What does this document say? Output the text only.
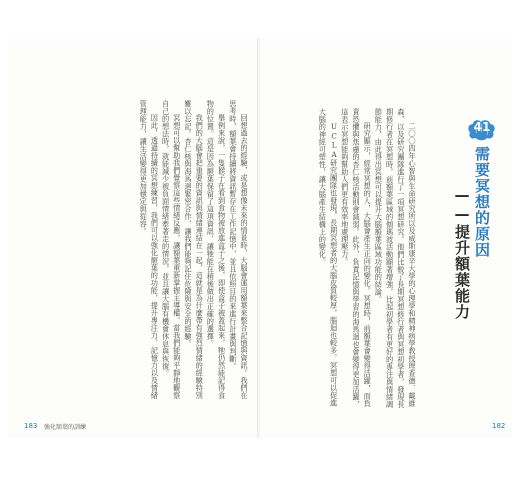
回想過去的經驗，或是想像未來的情景時，大腦會運用額葉來整合記憶與資訊。我們在思考時，額葉會持續將資訊暫存在工作記憶中，並且依照目的來進行計畫與判斷。

舉例來說，一隻猴子在看到食物被放進盒子之後，即使盒子被蓋起來，牠仍然能記得食物的位置。這是因為額葉保留了這項資訊，讓牠能在稍後做出正確的選擇。

我們的大腦會把重要的資訊與情緒連結在一起，這就是為什麼帶有強烈情緒的經驗特別難以忘記。杏仁核與海馬迴緊密合作，讓我們能夠記住危險與安全的經驗。

冥想可以幫助我們覺察這些情緒反應，讓額葉重新掌握主導權。當我們能夠平靜地觀察自己的想法時，就能減少被負面情緒牽著走的情況，並且讓大腦有機會休息與恢復。

因此，透過持續的冥想練習，我們可以強化額葉的功能，提升專注力、記憶力以及情緒管理能力，讓生活變得更加穩定與從容。

183 強化額葉的訓練

二〇〇四年心智與生命研究所以及威斯康辛大學的心理學和精神病學教授理查德．戴維森，以及研究團隊進行了一項冥想研究。他們比較了長期冥想修行者與冥想初學者，發現長期修行者在冥想時，前額葉區域的伽瑪波活動顯著增強，比起初學者有更好的專注與情緒調節能力，由此得出冥想可以提升大腦額葉區域功能的結論。

研究顯示，經常冥想的人，大腦會產生正向的變化。冥想時，前額葉會變得活躍，而負責恐懼與焦慮的杏仁核活動則會減弱。此外，負責記憶與學習的海馬迴也會變得更加活躍，這表示冥想能夠幫助人們更有效率地處理壓力。

UCLA研究團隊也發現，長期冥想者的大腦皮質較厚，腦迴也較多。冥想可以促進大腦的神經可塑性，讓大腦產生結構上的變化。	41
需要冥想的原因
——提升額葉能力
182
